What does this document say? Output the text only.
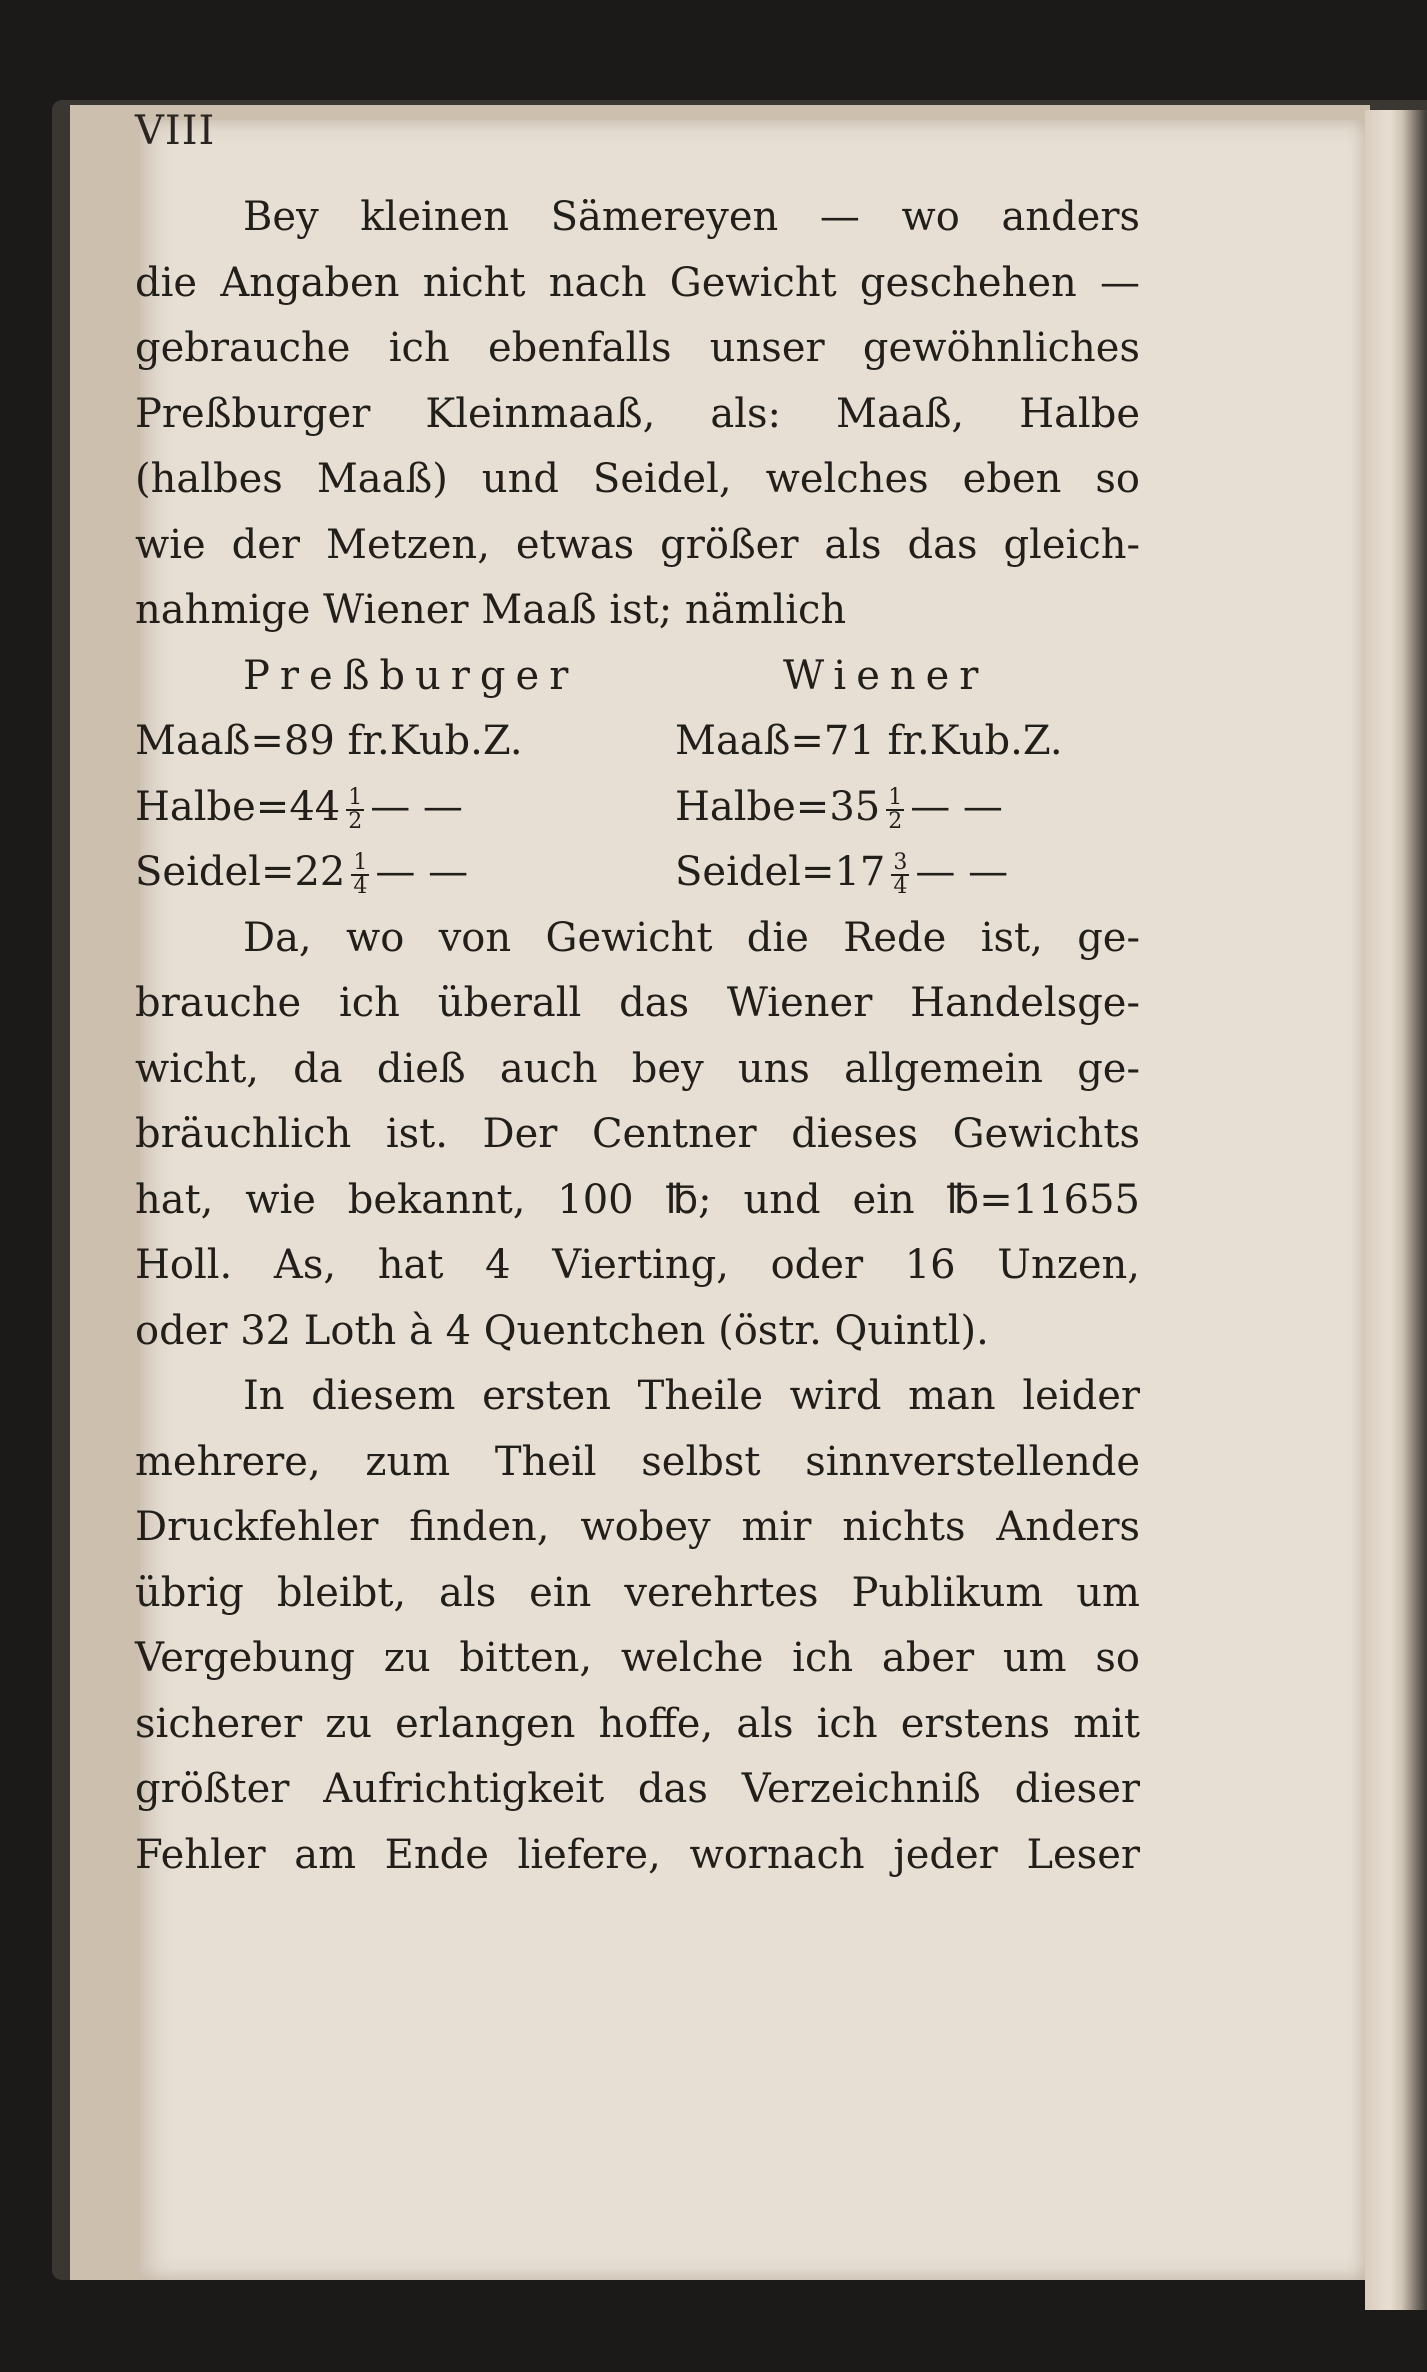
VIII
Bey kleinen Sämereyen — wo anders
die Angaben nicht nach Gewicht geschehen —
gebrauche ich ebenfalls unser gewöhnliches
Preßburger Kleinmaaß, als: Maaß, Halbe
(halbes Maaß) und Seidel, welches eben so
wie der Metzen, etwas größer als das gleich-
nahmige Wiener Maaß ist; nämlich
Preßburger	Wiener
Maaß=89 fr.Kub.Z.	Maaß=71 fr.Kub.Z.
Halbe=44 $\frac{1}{2}$ — —	Halbe=35 $\frac{1}{2}$ — —
Seidel=22 $\frac{1}{4}$ — —	Seidel=17 $\frac{3}{4}$ — —
Da, wo von Gewicht die Rede ist, ge-
brauche ich überall das Wiener Handelsge-
wicht, da dieß auch bey uns allgemein ge-
bräuchlich ist. Der Centner dieses Gewichts
hat, wie bekannt, 100 ℔; und ein ℔=11655
Holl. As, hat 4 Vierting, oder 16 Unzen,
oder 32 Loth à 4 Quentchen (östr. Quintl).
In diesem ersten Theile wird man leider
mehrere, zum Theil selbst sinnverstellende
Druckfehler finden, wobey mir nichts Anders
übrig bleibt, als ein verehrtes Publikum um
Vergebung zu bitten, welche ich aber um so
sicherer zu erlangen hoffe, als ich erstens mit
größter Aufrichtigkeit das Verzeichniß dieser
Fehler am Ende liefere, wornach jeder Leser
